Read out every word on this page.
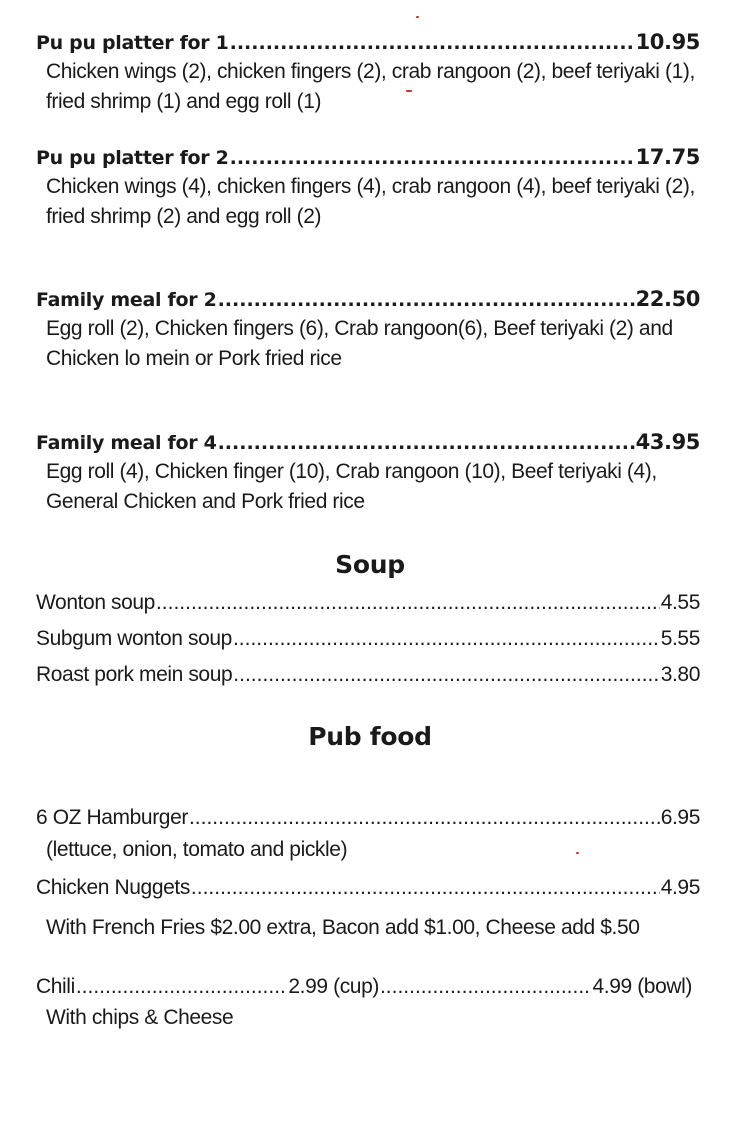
Pu pu platter for 1 .....	10.95
Chicken wings (2), chicken fingers (2), crab rangoon (2), beef teriyaki (1), fried shrimp (1) and egg roll (1)
Pu pu platter for 2 .....	17.75
Chicken wings (4), chicken fingers (4), crab rangoon (4), beef teriyaki (2), fried shrimp (2) and egg roll (2)
Family meal for 2 .....	22.50
Egg roll (2), Chicken fingers (6), Crab rangoon(6), Beef teriyaki (2) and Chicken lo mein or Pork fried rice
Family meal for 4 .....	43.95
Egg roll (4), Chicken finger (10), Crab rangoon (10), Beef teriyaki (4), General Chicken and Pork fried rice
Soup
Wonton soup .....	4.55
Subgum wonton soup .....	5.55
Roast pork mein soup .....	3.80
Pub food
6 OZ Hamburger .....	6.95
(lettuce, onion, tomato and pickle)
Chicken Nuggets .....	4.95
With French Fries $2.00 extra, Bacon add $1.00, Cheese add $.50
Chili .....	2.99 (cup) .....	4.99 (bowl)
With chips & Cheese
